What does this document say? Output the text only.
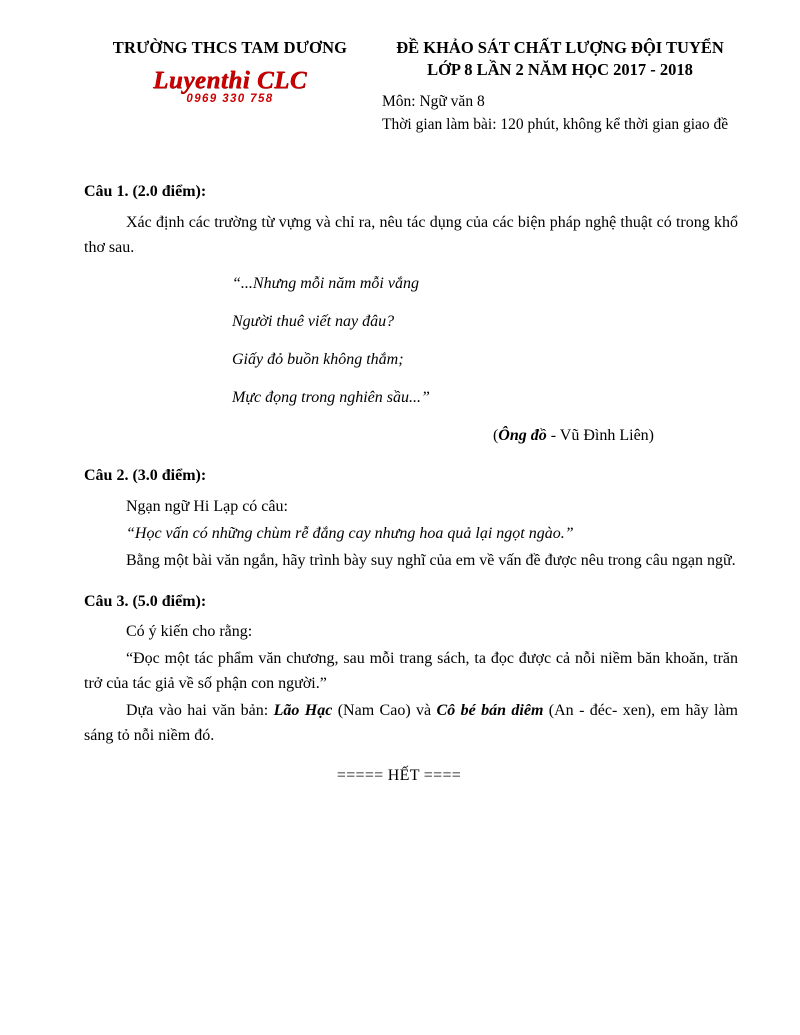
TRƯỜNG THCS TAM DƯƠNG
Luyenthi CLC
0969 330 758
ĐỀ KHẢO SÁT CHẤT LƯỢNG ĐỘI TUYỂN
LỚP 8 LẦN 2 NĂM HỌC 2017 - 2018
Môn: Ngữ văn 8
Thời gian làm bài: 120 phút, không kể thời gian giao đề
Câu 1. (2.0 điểm):

Xác định các trường từ vựng và chỉ ra, nêu tác dụng của các biện pháp nghệ thuật có trong khổ thơ sau.

“...Nhưng mỗi năm mỗi vắng

Người thuê viết nay đâu?

Giấy đỏ buồn không thắm;

Mực đọng trong nghiên sầu...”

(Ông đồ - Vũ Đình Liên)

Câu 2. (3.0 điểm):

Ngạn ngữ Hi Lạp có câu:

“Học vấn có những chùm rễ đắng cay nhưng hoa quả lại ngọt ngào.”

Bằng một bài văn ngắn, hãy trình bày suy nghĩ của em về vấn đề được nêu trong câu ngạn ngữ.

Câu 3. (5.0 điểm):

Có ý kiến cho rằng:

“Đọc một tác phẩm văn chương, sau mỗi trang sách, ta đọc được cả nỗi niềm băn khoăn, trăn trở của tác giả về số phận con người.”

Dựa vào hai văn bản: Lão Hạc (Nam Cao) và Cô bé bán diêm (An - đéc- xen), em hãy làm sáng tỏ nỗi niềm đó.

===== HẾT ====
